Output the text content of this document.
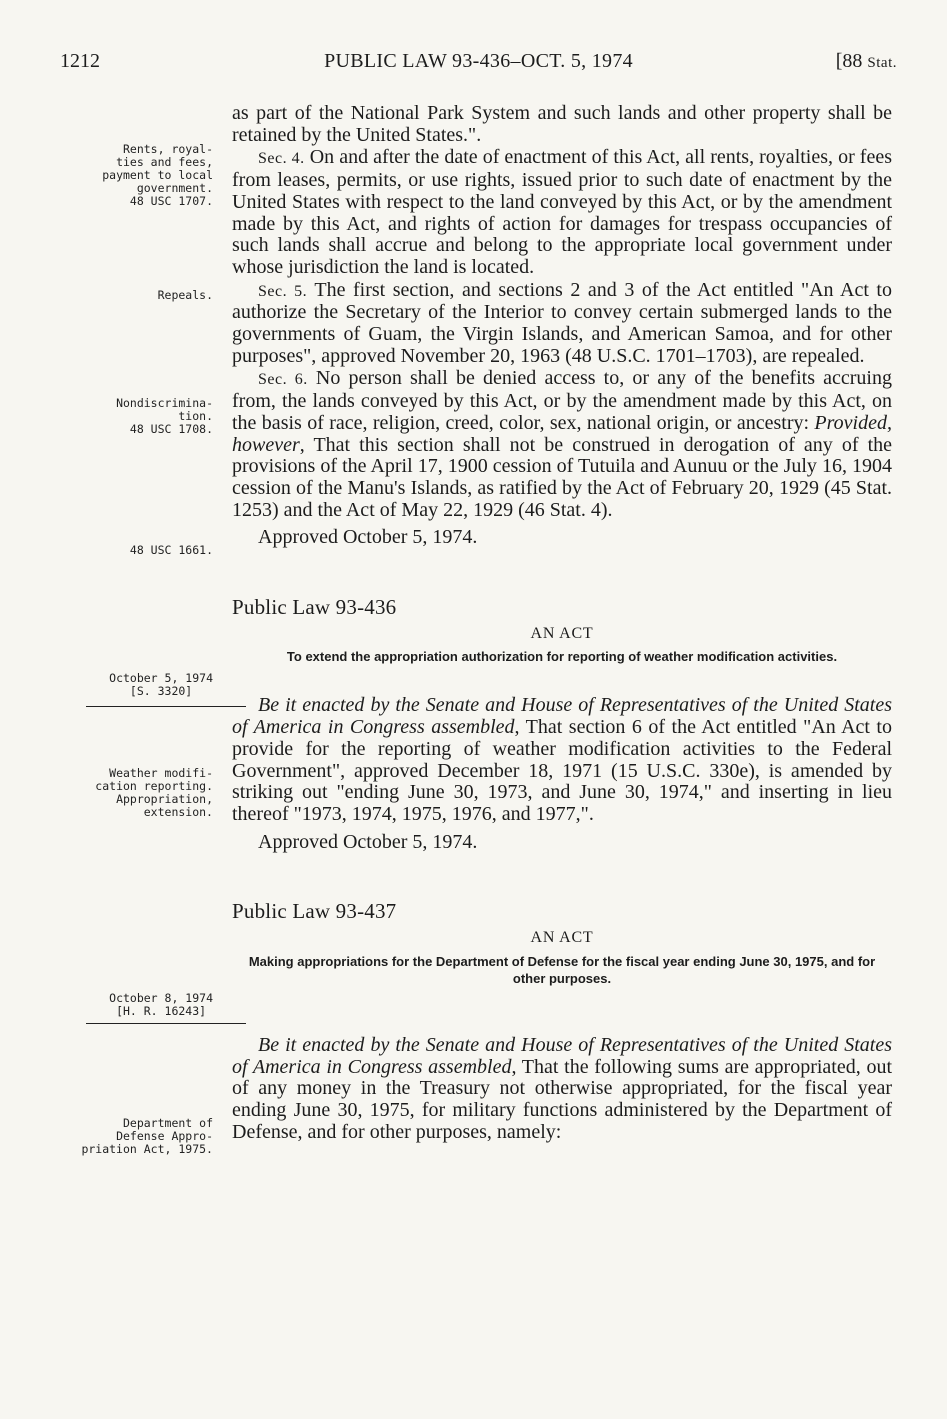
1212	PUBLIC LAW 93-436–OCT. 5, 1974	[88 Stat.
Rents, royal-
ties and fees,
payment to local
government.
48 USC 1707.
Repeals.
Nondiscrimina-
tion.
48 USC 1708.
48 USC 1661.
October 5, 1974
[S. 3320]
Weather modifi-
cation reporting.
Appropriation,
extension.
October 8, 1974
[H. R. 16243]
Department of
Defense Appro-
priation Act, 1975.

as part of the National Park System and such lands and other property shall be retained by the United States.".

Sec. 4. On and after the date of enactment of this Act, all rents, royalties, or fees from leases, permits, or use rights, issued prior to such date of enactment by the United States with respect to the land conveyed by this Act, or by the amendment made by this Act, and rights of action for damages for trespass occupancies of such lands shall accrue and belong to the appropriate local government under whose jurisdiction the land is located.

Sec. 5. The first section, and sections 2 and 3 of the Act entitled "An Act to authorize the Secretary of the Interior to convey certain submerged lands to the governments of Guam, the Virgin Islands, and American Samoa, and for other purposes", approved November 20, 1963 (48 U.S.C. 1701–1703), are repealed.

Sec. 6. No person shall be denied access to, or any of the benefits accruing from, the lands conveyed by this Act, or by the amendment made by this Act, on the basis of race, religion, creed, color, sex, national origin, or ancestry: Provided, however, That this section shall not be construed in derogation of any of the provisions of the April 17, 1900 cession of Tutuila and Aunuu or the July 16, 1904 cession of the Manu's Islands, as ratified by the Act of February 20, 1929 (45 Stat. 1253) and the Act of May 22, 1929 (46 Stat. 4).

Approved October 5, 1974.

Public Law 93-436
AN ACT
To extend the appropriation authorization for reporting of weather modification activities.

Be it enacted by the Senate and House of Representatives of the United States of America in Congress assembled, That section 6 of the Act entitled "An Act to provide for the reporting of weather modification activities to the Federal Government", approved December 18, 1971 (15 U.S.C. 330e), is amended by striking out "ending June 30, 1973, and June 30, 1974," and inserting in lieu thereof "1973, 1974, 1975, 1976, and 1977,".

Approved October 5, 1974.

Public Law 93-437
AN ACT
Making appropriations for the Department of Defense for the fiscal year ending June 30, 1975, and for other purposes.

Be it enacted by the Senate and House of Representatives of the United States of America in Congress assembled, That the following sums are appropriated, out of any money in the Treasury not otherwise appropriated, for the fiscal year ending June 30, 1975, for military functions administered by the Department of Defense, and for other purposes, namely:
